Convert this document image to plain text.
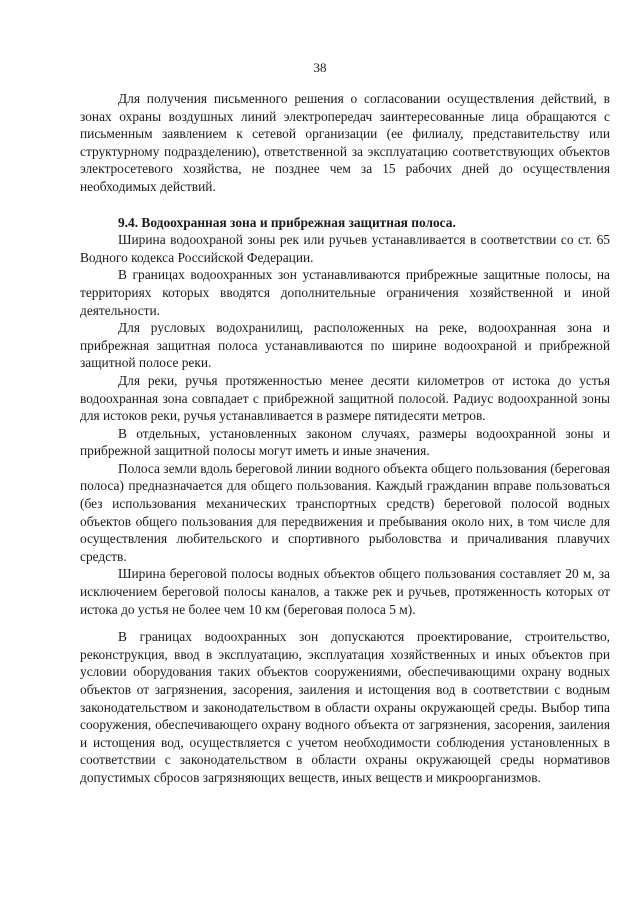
38

Для получения письменного решения о согласовании осуществления действий, в зонах охраны воздушных линий электропередач заинтересованные лица обращаются с письменным заявлением к сетевой организации (ее филиалу, представительству или структурному подразделению), ответственной за эксплуатацию соответствующих объектов электросетевого хозяйства, не позднее чем за 15 рабочих дней до осуществления необходимых действий.

9.4. Водоохранная зона и прибрежная защитная полоса.

Ширина водоохраной зоны рек или ручьев устанавливается в соответствии со ст. 65 Водного кодекса Российской Федерации.

В границах водоохранных зон устанавливаются прибрежные защитные полосы, на территориях которых вводятся дополнительные ограничения хозяйственной и иной деятельности.

Для русловых водохранилищ, расположенных на реке, водоохранная зона и прибрежная защитная полоса устанавливаются по ширине водоохраной и прибрежной защитной полосе реки.

Для реки, ручья протяженностью менее десяти километров от истока до устья водоохранная зона совпадает с прибрежной защитной полосой. Радиус водоохранной зоны для истоков реки, ручья устанавливается в размере пятидесяти метров.

В отдельных, установленных законом случаях, размеры водоохранной зоны и прибрежной защитной полосы могут иметь и иные значения.

Полоса земли вдоль береговой линии водного объекта общего пользования (береговая полоса) предназначается для общего пользования. Каждый гражданин вправе пользоваться (без использования механических транспортных средств) береговой полосой водных объектов общего пользования для передвижения и пребывания около них, в том числе для осуществления любительского и спортивного рыболовства и причаливания плавучих средств.

Ширина береговой полосы водных объектов общего пользования составляет 20 м, за исключением береговой полосы каналов, а также рек и ручьев, протяженность которых от истока до устья не более чем 10 км (береговая полоса 5 м).

В границах водоохранных зон допускаются проектирование, строительство, реконструкция, ввод в эксплуатацию, эксплуатация хозяйственных и иных объектов при условии оборудования таких объектов сооружениями, обеспечивающими охрану водных объектов от загрязнения, засорения, заиления и истощения вод в соответствии с водным законодательством и законодательством в области охраны окружающей среды. Выбор типа сооружения, обеспечивающего охрану водного объекта от загрязнения, засорения, заиления и истощения вод, осуществляется с учетом необходимости соблюдения установленных в соответствии с законодательством в области охраны окружающей среды нормативов допустимых сбросов загрязняющих веществ, иных веществ и микроорганизмов.
